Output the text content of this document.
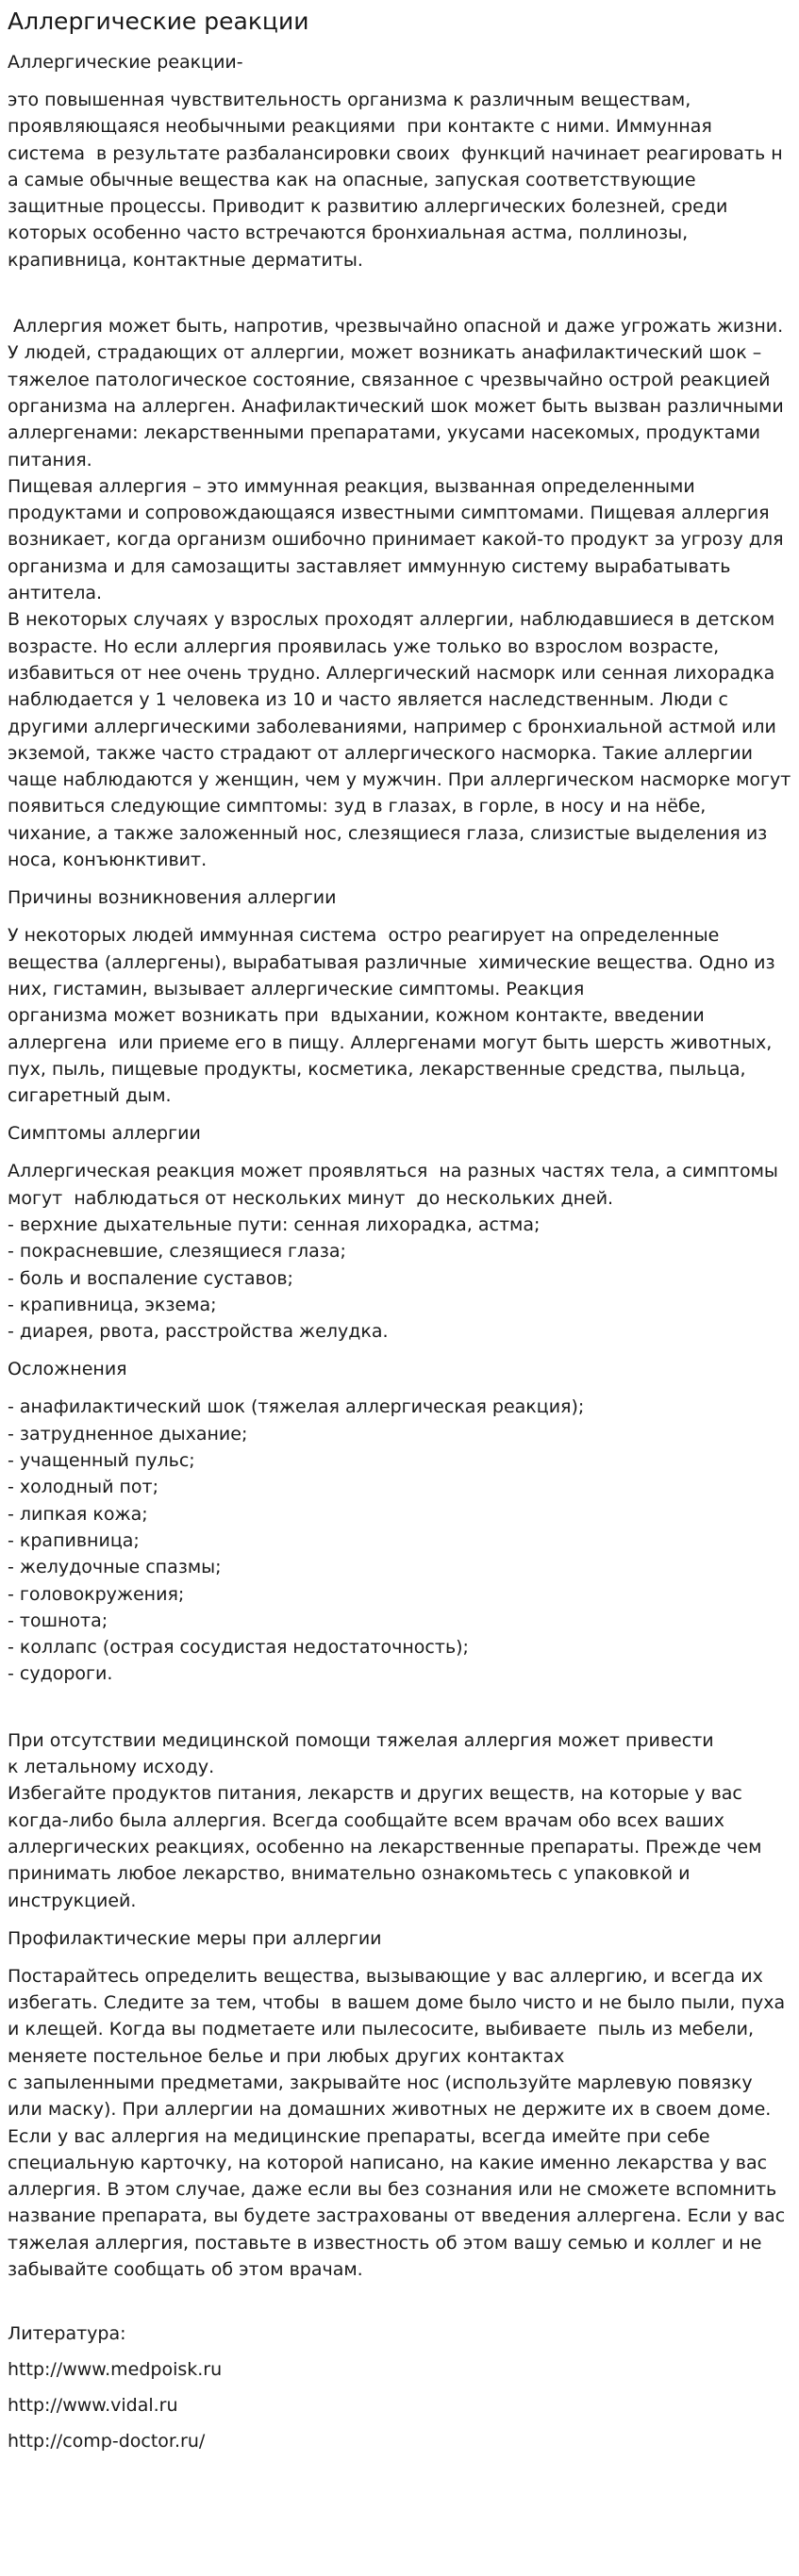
Аллергические реакции
Аллергические реакции-
это повышенная чувствительность организма к различным веществам,
проявляющаяся необычными реакциями  при контакте с ними. Иммунная
система  в результате разбалансировки своих  функций начинает реагировать н
а самые обычные вещества как на опасные, запуская соответствующие
защитные процессы. Приводит к развитию аллергических болезней, среди
которых особенно часто встречаются бронхиальная астма, поллинозы,
крапивница, контактные дерматиты.
Аллергия может быть, напротив, чрезвычайно опасной и даже угрожать жизни.
У людей, страдающих от аллергии, может возникать анафилактический шок –
тяжелое патологическое состояние, связанное с чрезвычайно острой реакцией
организма на аллерген. Анафилактический шок может быть вызван различными
аллергенами: лекарственными препаратами, укусами насекомых, продуктами
питания.
Пищевая аллергия – это иммунная реакция, вызванная определенными
продуктами и сопровождающаяся известными симптомами. Пищевая аллергия
возникает, когда организм ошибочно принимает какой-то продукт за угрозу для
организма и для самозащиты заставляет иммунную систему вырабатывать
антитела.
В некоторых случаях у взрослых проходят аллергии, наблюдавшиеся в детском
возрасте. Но если аллергия проявилась уже только во взрослом возрасте,
избавиться от нее очень трудно. Аллергический насморк или сенная лихорадка
наблюдается у 1 человека из 10 и часто является наследственным. Люди с
другими аллергическими заболеваниями, например с бронхиальной астмой или
экземой, также часто страдают от аллергического насморка. Такие аллергии
чаще наблюдаются у женщин, чем у мужчин. При аллергическом насморке могут
появиться следующие симптомы: зуд в глазах, в горле, в носу и на нёбе,
чихание, а также заложенный нос, слезящиеся глаза, слизистые выделения из
носа, конъюнктивит.
Причины возникновения аллергии
У некоторых людей иммунная система  остро реагирует на определенные
вещества (аллергены), вырабатывая различные  химические вещества. Одно из
них, гистамин, вызывает аллергические симптомы. Реакция
организма может возникать при  вдыхании, кожном контакте, введении
аллергена  или приеме его в пищу. Аллергенами могут быть шерсть животных,
пух, пыль, пищевые продукты, косметика, лекарственные средства, пыльца,
сигаретный дым.
Симптомы аллергии
Аллергическая реакция может проявляться  на разных частях тела, а симптомы
могут  наблюдаться от нескольких минут  до нескольких дней.
- верхние дыхательные пути: сенная лихорадка, астма;
- покрасневшие, слезящиеся глаза;
- боль и воспаление суставов;
- крапивница, экзема;
- диарея, рвота, расстройства желудка.
Осложнения
- анафилактический шок (тяжелая аллергическая реакция);
- затрудненное дыхание;
- учащенный пульс;
- холодный пот;
- липкая кожа;
- крапивница;
- желудочные спазмы;
- головокружения;
- тошнота;
- коллапс (острая сосудистая недостаточность);
- судороги.
При отсутствии медицинской помощи тяжелая аллергия может привести
к летальному исходу.
Избегайте продуктов питания, лекарств и других веществ, на которые у вас
когда-либо была аллергия. Всегда сообщайте всем врачам обо всех ваших
аллергических реакциях, особенно на лекарственные препараты. Прежде чем
принимать любое лекарство, внимательно ознакомьтесь с упаковкой и
инструкцией.
Профилактические меры при аллергии
Постарайтесь определить вещества, вызывающие у вас аллергию, и всегда их
избегать. Следите за тем, чтобы  в вашем доме было чисто и не было пыли, пуха
и клещей. Когда вы подметаете или пылесосите, выбиваете  пыль из мебели,
меняете постельное белье и при любых других контактах
с запыленными предметами, закрывайте нос (используйте марлевую повязку
или маску). При аллергии на домашних животных не держите их в своем доме.
Если у вас аллергия на медицинские препараты, всегда имейте при себе
специальную карточку, на которой написано, на какие именно лекарства у вас
аллергия. В этом случае, даже если вы без сознания или не сможете вспомнить
название препарата, вы будете застрахованы от введения аллергена. Если у вас
тяжелая аллергия, поставьте в известность об этом вашу семью и коллег и не
забывайте сообщать об этом врачам.
Литература:
http://www.medpoisk.ru
http://www.vidal.ru
http://comp-doctor.ru/
